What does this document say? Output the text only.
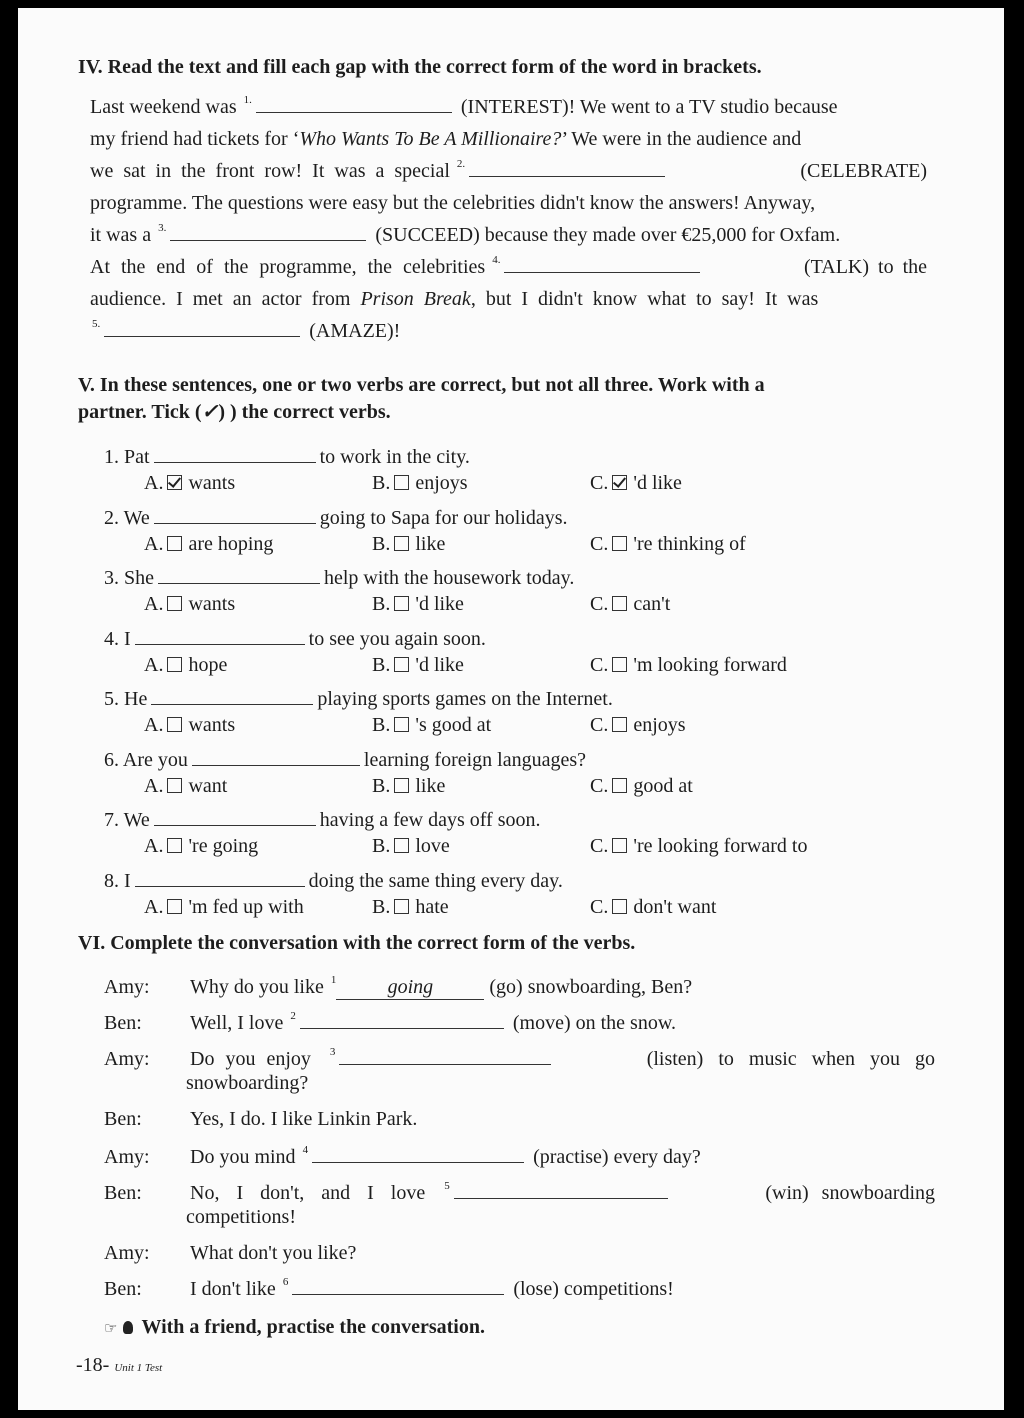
IV. Read the text and fill each gap with the correct form of the word in brackets.
Last weekend was $^{1.}$	(INTEREST)! We went to a TV studio because
my friend had tickets for ‘Who Wants To Be A Millionaire?’ We were in the audience and
we sat in the front row! It was a special $^{2.}$	(CELEBRATE)
programme. The questions were easy but the celebrities didn't know the answers! Anyway,
it was a $^{3.}$	(SUCCEED) because they made over €25,000 for Oxfam.
At the end of the programme, the celebrities $^{4.}$	(TALK) to the
audience. I met an actor from Prison Break, but I didn't know what to say! It was
$^{5.}$	(AMAZE)!
V. In these sentences, one or two verbs are correct, but not all three. Work with a
partner. Tick (✓) ) the correct verbs.
1. Pat	to work in the city.
A. wants	B. enjoys	C. 'd like
2. We	going to Sapa for our holidays.
A. are hoping	B. like	C. 're thinking of
3. She	help with the housework today.
A. wants	B. 'd like	C. can't
4. I	to see you again soon.
A. hope	B. 'd like	C. 'm looking forward
5. He	playing sports games on the Internet.
A. wants	B. 's good at	C. enjoys
6. Are you	learning foreign languages?
A. want	B. like	C. good at
7. We	having a few days off soon.
A. 're going	B. love	C. 're looking forward to
8. I	doing the same thing every day.
A. 'm fed up with	B. hate	C. don't want
VI. Complete the conversation with the correct form of the verbs.
Amy: Why do you like $^1$	going	(go) snowboarding, Ben?
Ben: Well, I love $^2$	(move) on the snow.
Amy: Do you enjoy $^3$	(listen) to music when you go
snowboarding?
Ben: Yes, I do. I like Linkin Park.
Amy: Do you mind $^4$	(practise) every day?
Ben: No, I don't, and I love $^5$	(win) snowboarding
competitions!
Amy: What don't you like?
Ben: I don't like $^6$	(lose) competitions!
☞ With a friend, practise the conversation.
-18- Unit 1 Test
